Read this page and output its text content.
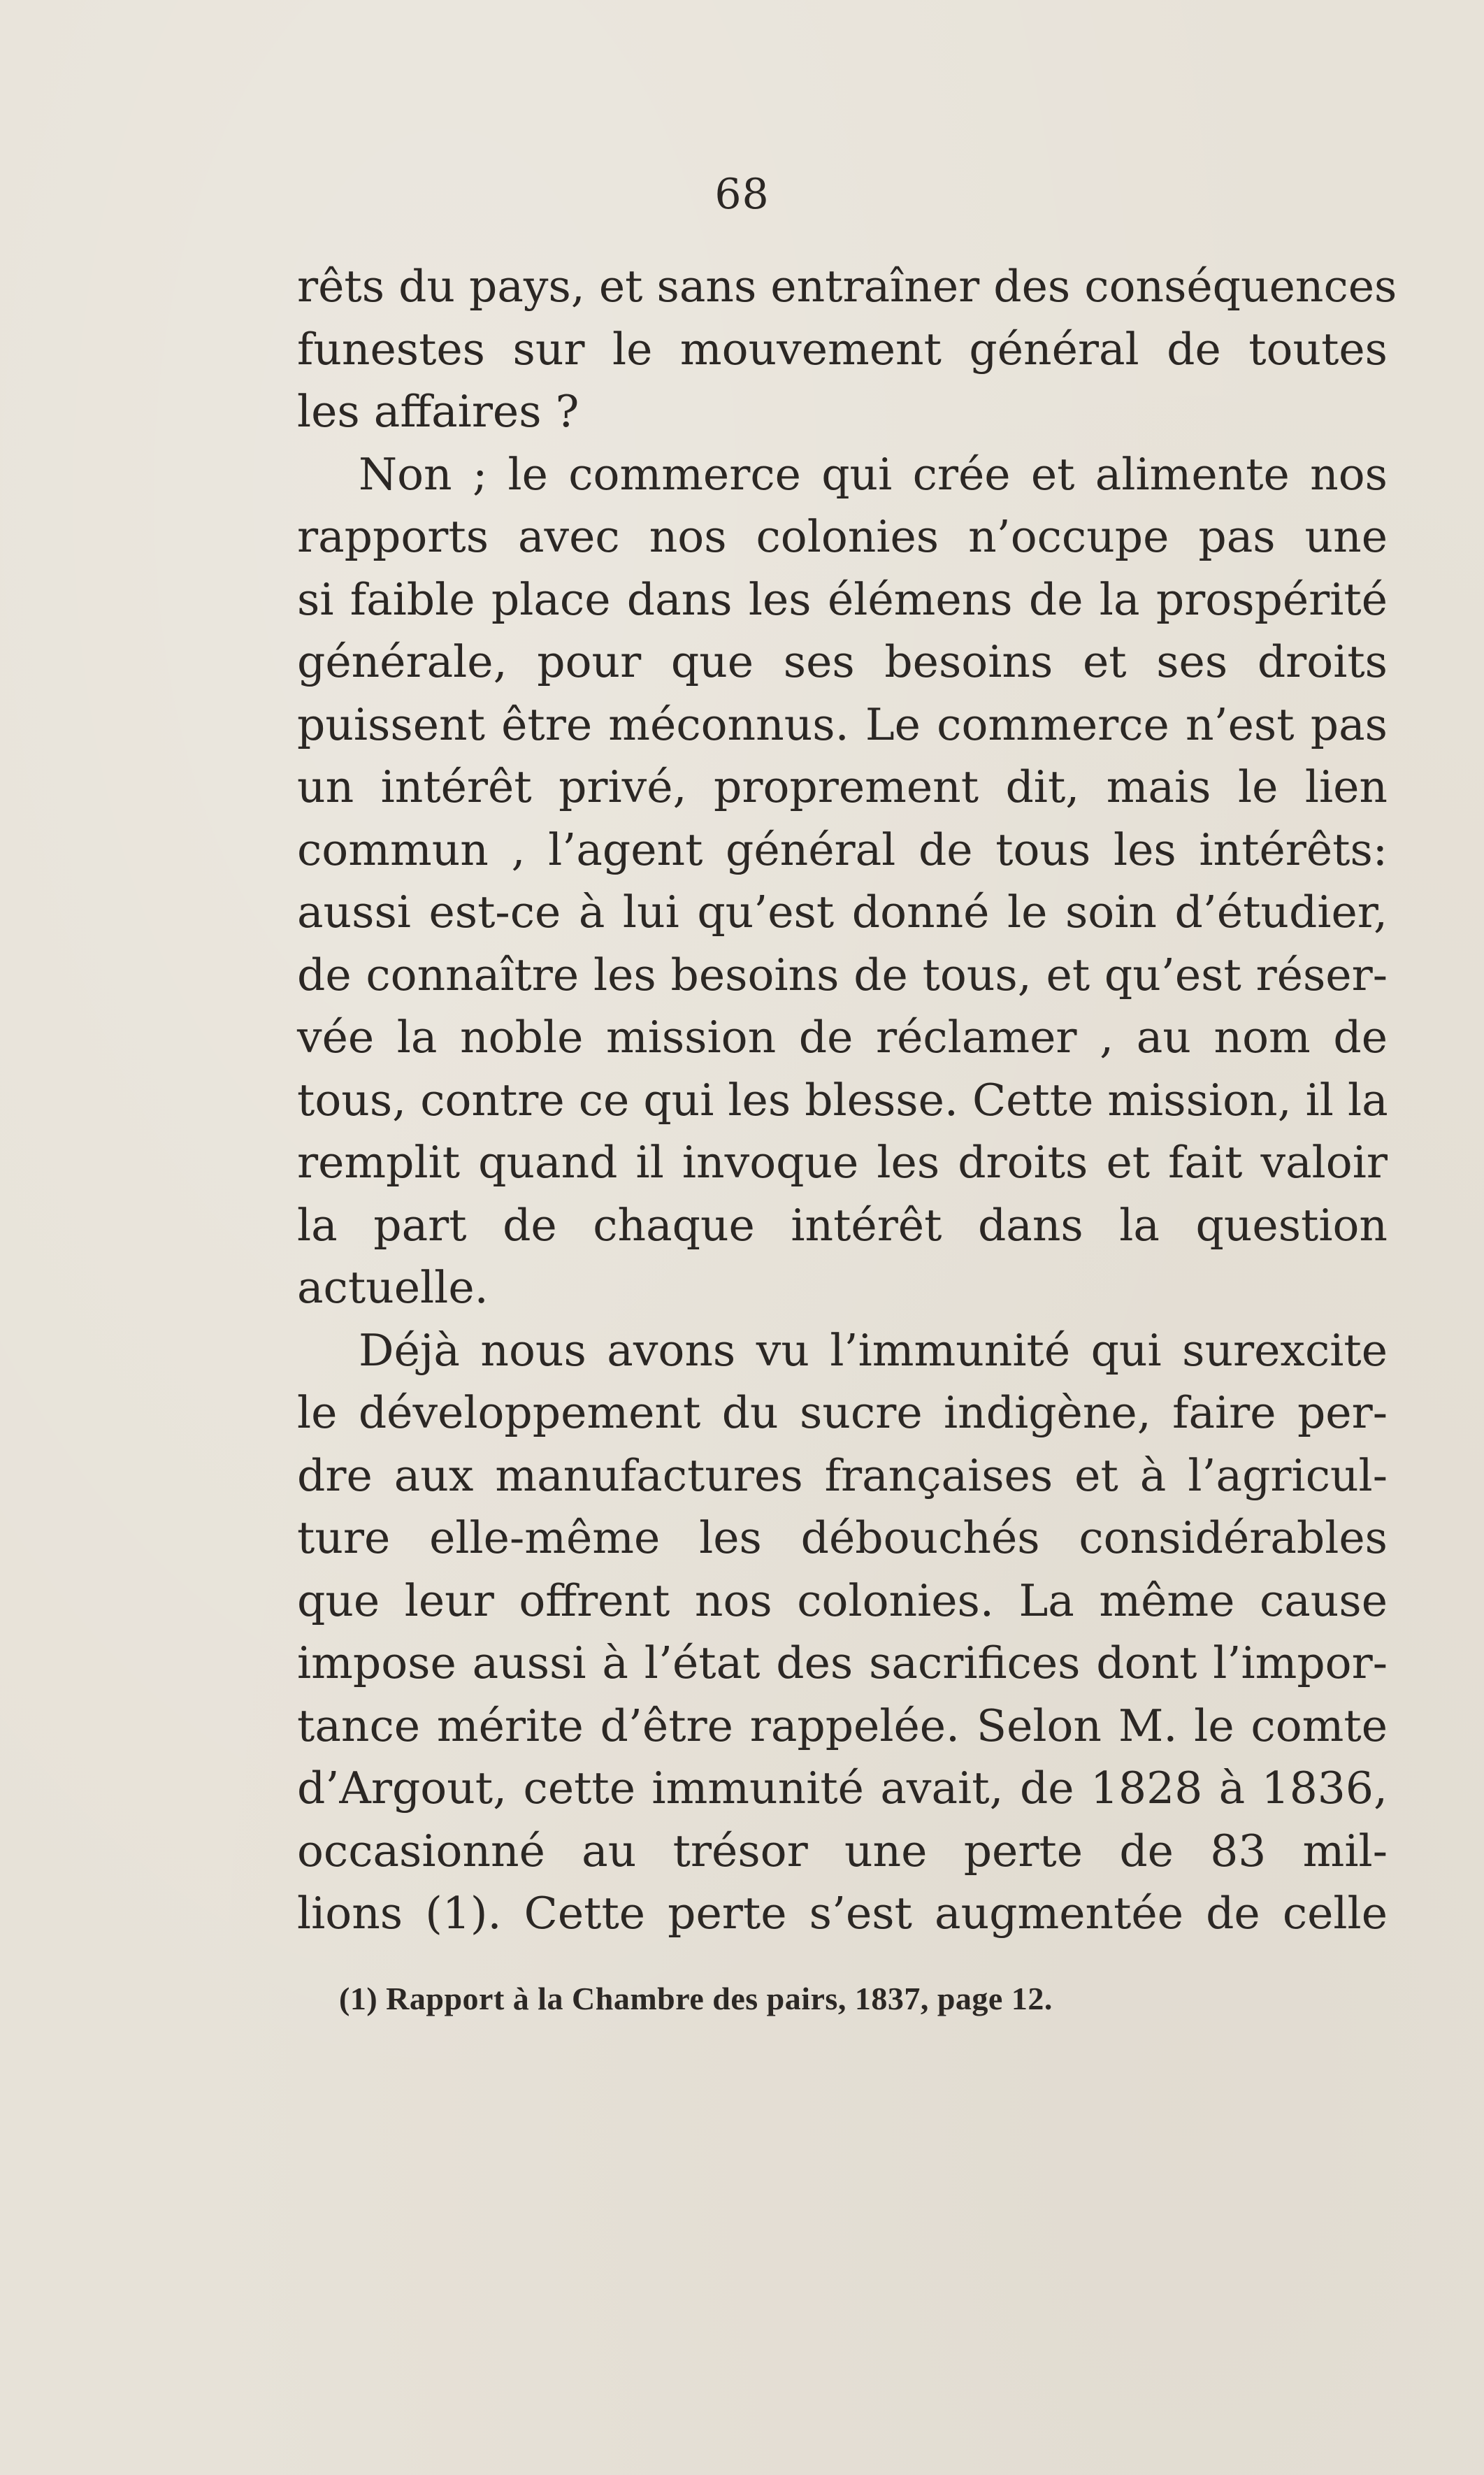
68
rêts du pays, et sans entraîner des conséquences
funestes sur le mouvement général de toutes
les affaires ?
Non ; le commerce qui crée et alimente nos
rapports avec nos colonies n’occupe pas une
si faible place dans les élémens de la prospérité
générale, pour que ses besoins et ses droits
puissent être méconnus. Le commerce n’est pas
un intérêt privé, proprement dit, mais le lien
commun , l’agent général de tous les intérêts:
aussi est-ce à lui qu’est donné le soin d’étudier,
de connaître les besoins de tous, et qu’est réser-
vée la noble mission de réclamer , au nom de
tous, contre ce qui les blesse. Cette mission, il la
remplit quand il invoque les droits et fait valoir
la part de chaque intérêt dans la question
actuelle.
Déjà nous avons vu l’immunité qui surexcite
le développement du sucre indigène, faire per-
dre aux manufactures françaises et à l’agricul-
ture elle-même les débouchés considérables
que leur offrent nos colonies. La même cause
impose aussi à l’état des sacrifices dont l’impor-
tance mérite d’être rappelée. Selon M. le comte
d’Argout, cette immunité avait, de 1828 à 1836,
occasionné au trésor une perte de 83 mil-
lions (1). Cette perte s’est augmentée de celle
(1) Rapport à la Chambre des pairs, 1837, page 12.
